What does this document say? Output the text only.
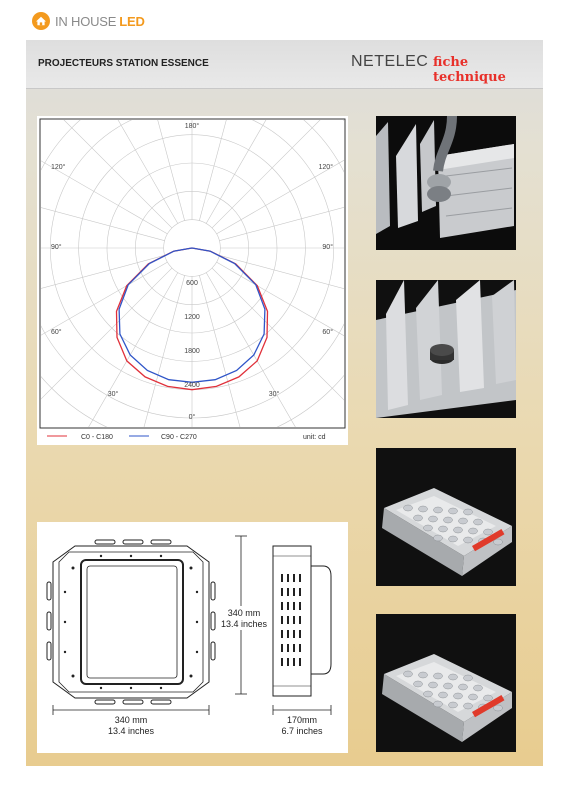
IN HOUSE LED
PROJECTEURS STATION ESSENCE	NETELEC fiche technique
600
1200
1800
2400
180°
120°	120°
90°	90°
60°	60°
30°	30°
0°
C0 - C180	C90 - C270	unit: cd
340 mm
13.4 inches
340 mm
13.4 inches
170mm
6.7 inches
